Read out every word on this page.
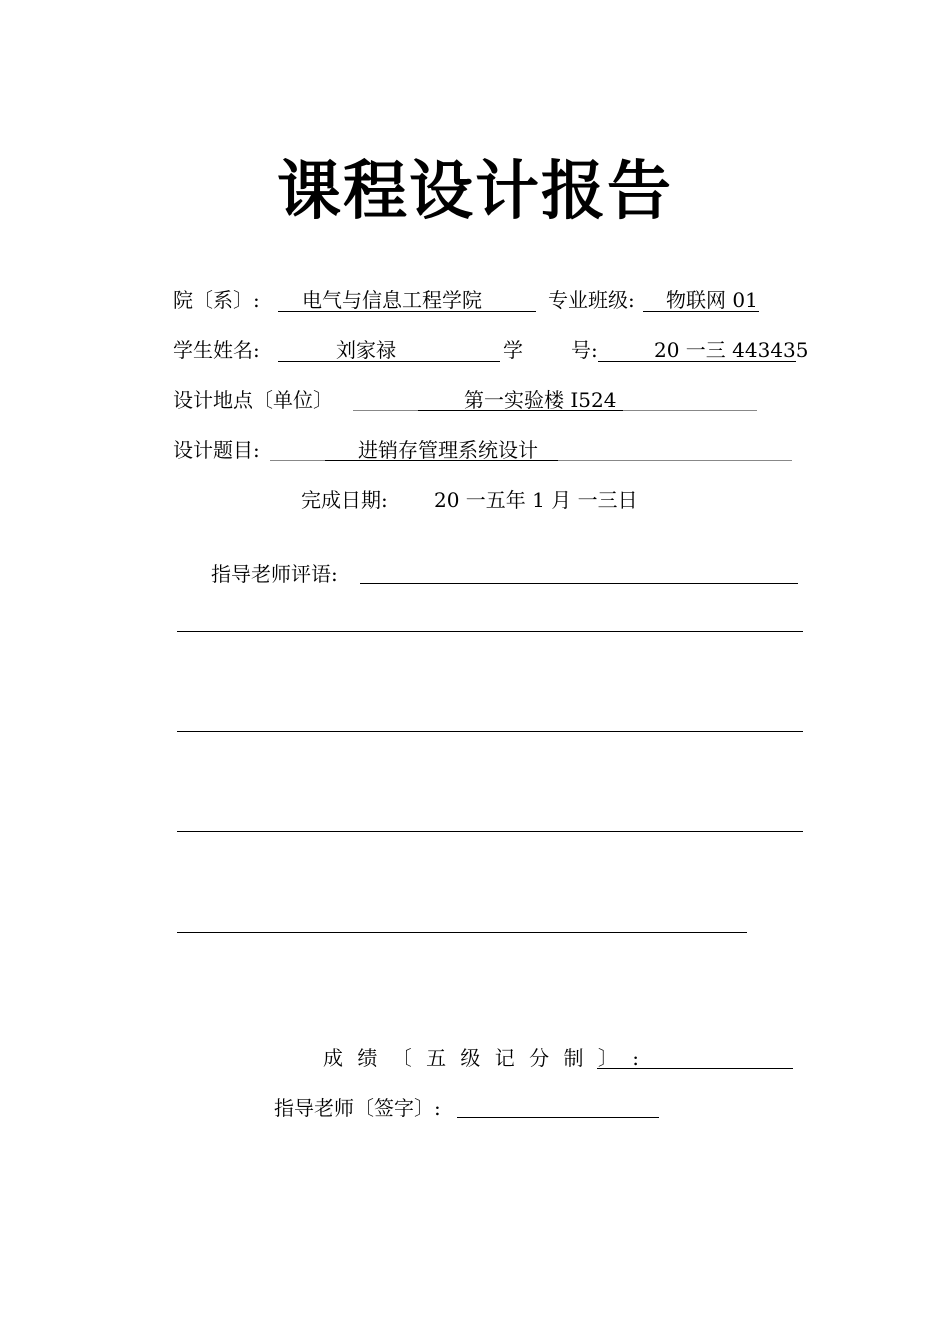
课程设计报告
院〔系〕: 电气与信息工程学院	专业班级: 物联网 01
学生姓名:	刘家禄	学 号:	20 一三 443435
设计地点〔单位〕	第一实验楼 I524
设计题目:	进销存管理系统设计
完成日期: 20 一五年 1 月 一三日
指导老师评语:
成 绩 〔 五 级 记 分 制 〕 :
指导老师〔签字〕:
